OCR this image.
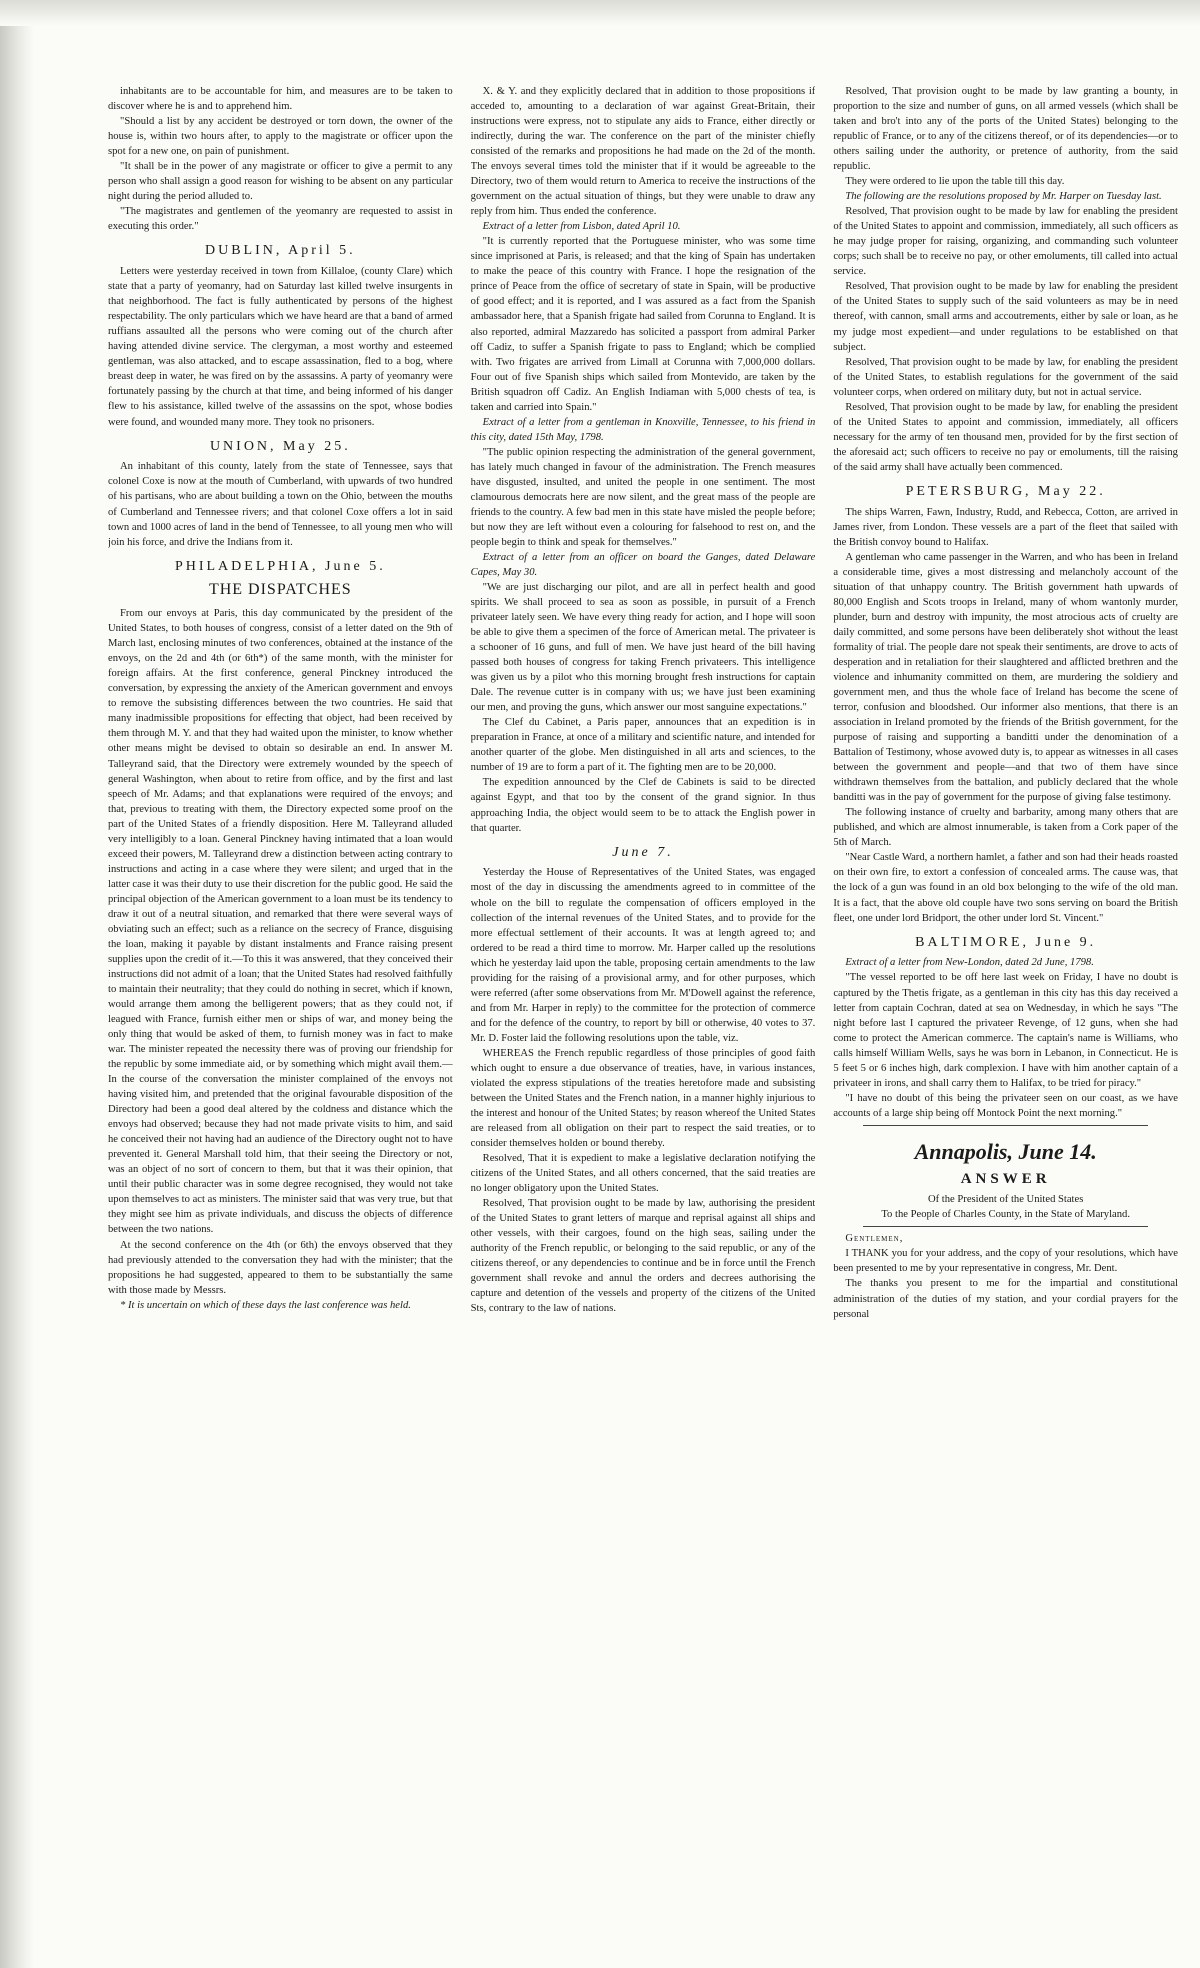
inhabitants are to be accountable for him, and measures are to be taken to discover where he is and to apprehend him.

"Should a list by any accident be destroyed or torn down, the owner of the house is, within two hours after, to apply to the magistrate or officer upon the spot for a new one, on pain of punishment.

"It shall be in the power of any magistrate or officer to give a permit to any person who shall assign a good reason for wishing to be absent on any particular night during the period alluded to.

"The magistrates and gentlemen of the yeomanry are requested to assist in executing this order."

DUBLIN, April 5.

Letters were yesterday received in town from Killaloe, (county Clare) which state that a party of yeomanry, had on Saturday last killed twelve insurgents in that neighborhood. The fact is fully authenticated by persons of the highest respectability. The only particulars which we have heard are that a band of armed ruffians assaulted all the persons who were coming out of the church after having attended divine service. The clergyman, a most worthy and esteemed gentleman, was also attacked, and to escape assassination, fled to a bog, where breast deep in water, he was fired on by the assassins. A party of yeomanry were fortunately passing by the church at that time, and being informed of his danger flew to his assistance, killed twelve of the assassins on the spot, whose bodies were found, and wounded many more. They took no prisoners.

UNION, May 25.

An inhabitant of this county, lately from the state of Tennessee, says that colonel Coxe is now at the mouth of Cumberland, with upwards of two hundred of his partisans, who are about building a town on the Ohio, between the mouths of Cumberland and Tennessee rivers; and that colonel Coxe offers a lot in said town and 1000 acres of land in the bend of Tennessee, to all young men who will join his force, and drive the Indians from it.

PHILADELPHIA, June 5.
THE DISPATCHES

From our envoys at Paris, this day communicated by the president of the United States, to both houses of congress, consist of a letter dated on the 9th of March last, enclosing minutes of two conferences, obtained at the instance of the envoys, on the 2d and 4th (or 6th*) of the same month, with the minister for foreign affairs. At the first conference, general Pinckney introduced the conversation, by expressing the anxiety of the American government and envoys to remove the subsisting differences between the two countries. He said that many inadmissible propositions for effecting that object, had been received by them through M. Y. and that they had waited upon the minister, to know whether other means might be devised to obtain so desirable an end. In answer M. Talleyrand said, that the Directory were extremely wounded by the speech of general Washington, when about to retire from office, and by the first and last speech of Mr. Adams; and that explanations were required of the envoys; and that, previous to treating with them, the Directory expected some proof on the part of the United States of a friendly disposition. Here M. Talleyrand alluded very intelligibly to a loan. General Pinckney having intimated that a loan would exceed their powers, M. Talleyrand drew a distinction between acting contrary to instructions and acting in a case where they were silent; and urged that in the latter case it was their duty to use their discretion for the public good. He said the principal objection of the American government to a loan must be its tendency to draw it out of a neutral situation, and remarked that there were several ways of obviating such an effect; such as a reliance on the secrecy of France, disguising the loan, making it payable by distant instalments and France raising present supplies upon the credit of it.—To this it was answered, that they conceived their instructions did not admit of a loan; that the United States had resolved faithfully to maintain their neutrality; that they could do nothing in secret, which if known, would arrange them among the belligerent powers; that as they could not, if leagued with France, furnish either men or ships of war, and money being the only thing that would be asked of them, to furnish money was in fact to make war. The minister repeated the necessity there was of proving our friendship for the republic by some immediate aid, or by something which might avail them.—In the course of the conversation the minister complained of the envoys not having visited him, and pretended that the original favourable disposition of the Directory had been a good deal altered by the coldness and distance which the envoys had observed; because they had not made private visits to him, and said he conceived their not having had an audience of the Directory ought not to have prevented it. General Marshall told him, that their seeing the Directory or not, was an object of no sort of concern to them, but that it was their opinion, that until their public character was in some degree recognised, they would not take upon themselves to act as ministers. The minister said that was very true, but that they might see him as private individuals, and discuss the objects of difference between the two nations.

At the second conference on the 4th (or 6th) the envoys observed that they had previously attended to the conversation they had with the minister; that the propositions he had suggested, appeared to them to be substantially the same with those made by Messrs.

* It is uncertain on which of these days the last conference was held.

X. & Y. and they explicitly declared that in addition to those propositions if acceded to, amounting to a declaration of war against Great-Britain, their instructions were express, not to stipulate any aids to France, either directly or indirectly, during the war. The conference on the part of the minister chiefly consisted of the remarks and propositions he had made on the 2d of the month. The envoys several times told the minister that if it would be agreeable to the Directory, two of them would return to America to receive the instructions of the government on the actual situation of things, but they were unable to draw any reply from him. Thus ended the conference.

Extract of a letter from Lisbon, dated April 10.

"It is currently reported that the Portuguese minister, who was some time since imprisoned at Paris, is released; and that the king of Spain has undertaken to make the peace of this country with France. I hope the resignation of the prince of Peace from the office of secretary of state in Spain, will be productive of good effect; and it is reported, and I was assured as a fact from the Spanish ambassador here, that a Spanish frigate had sailed from Corunna to England. It is also reported, admiral Mazzaredo has solicited a passport from admiral Parker off Cadiz, to suffer a Spanish frigate to pass to England; which be complied with. Two frigates are arrived from Limall at Corunna with 7,000,000 dollars. Four out of five Spanish ships which sailed from Montevido, are taken by the British squadron off Cadiz. An English Indiaman with 5,000 chests of tea, is taken and carried into Spain."

Extract of a letter from a gentleman in Knoxville, Tennessee, to his friend in this city, dated 15th May, 1798.

"The public opinion respecting the administration of the general government, has lately much changed in favour of the administration. The French measures have disgusted, insulted, and united the people in one sentiment. The most clamourous democrats here are now silent, and the great mass of the people are friends to the country. A few bad men in this state have misled the people before; but now they are left without even a colouring for falsehood to rest on, and the people begin to think and speak for themselves."

Extract of a letter from an officer on board the Ganges, dated Delaware Capes, May 30.

"We are just discharging our pilot, and are all in perfect health and good spirits. We shall proceed to sea as soon as possible, in pursuit of a French privateer lately seen. We have every thing ready for action, and I hope will soon be able to give them a specimen of the force of American metal. The privateer is a schooner of 16 guns, and full of men. We have just heard of the bill having passed both houses of congress for taking French privateers. This intelligence was given us by a pilot who this morning brought fresh instructions for captain Dale. The revenue cutter is in company with us; we have just been examining our men, and proving the guns, which answer our most sanguine expectations."

The Clef du Cabinet, a Paris paper, announces that an expedition is in preparation in France, at once of a military and scientific nature, and intended for another quarter of the globe. Men distinguished in all arts and sciences, to the number of 19 are to form a part of it. The fighting men are to be 20,000.

The expedition announced by the Clef de Cabinets is said to be directed against Egypt, and that too by the consent of the grand signior. In thus approaching India, the object would seem to be to attack the English power in that quarter.

June 7.

Yesterday the House of Representatives of the United States, was engaged most of the day in discussing the amendments agreed to in committee of the whole on the bill to regulate the compensation of officers employed in the collection of the internal revenues of the United States, and to provide for the more effectual settlement of their accounts. It was at length agreed to; and ordered to be read a third time to morrow. Mr. Harper called up the resolutions which he yesterday laid upon the table, proposing certain amendments to the law providing for the raising of a provisional army, and for other purposes, which were referred (after some observations from Mr. M'Dowell against the reference, and from Mr. Harper in reply) to the committee for the protection of commerce and for the defence of the country, to report by bill or otherwise, 40 votes to 37. Mr. D. Foster laid the following resolutions upon the table, viz.

WHEREAS the French republic regardless of those principles of good faith which ought to ensure a due observance of treaties, have, in various instances, violated the express stipulations of the treaties heretofore made and subsisting between the United States and the French nation, in a manner highly injurious to the interest and honour of the United States; by reason whereof the United States are released from all obligation on their part to respect the said treaties, or to consider themselves holden or bound thereby.

Resolved, That it is expedient to make a legislative declaration notifying the citizens of the United States, and all others concerned, that the said treaties are no longer obligatory upon the United States.

Resolved, That provision ought to be made by law, authorising the president of the United States to grant letters of marque and reprisal against all ships and other vessels, with their cargoes, found on the high seas, sailing under the authority of the French republic, or belonging to the said republic, or any of the citizens thereof, or any dependencies to continue and be in force until the French government shall revoke and annul the orders and decrees authorising the capture and detention of the vessels and property of the citizens of the United Sts, contrary to the law of nations.

Resolved, That provision ought to be made by law granting a bounty, in proportion to the size and number of guns, on all armed vessels (which shall be taken and bro't into any of the ports of the United States) belonging to the republic of France, or to any of the citizens thereof, or of its dependencies—or to others sailing under the authority, or pretence of authority, from the said republic.

They were ordered to lie upon the table till this day.

The following are the resolutions proposed by Mr. Harper on Tuesday last.

Resolved, That provision ought to be made by law for enabling the president of the United States to appoint and commission, immediately, all such officers as he may judge proper for raising, organizing, and commanding such volunteer corps; such shall be to receive no pay, or other emoluments, till called into actual service.

Resolved, That provision ought to be made by law for enabling the president of the United States to supply such of the said volunteers as may be in need thereof, with cannon, small arms and accoutrements, either by sale or loan, as he my judge most expedient—and under regulations to be established on that subject.

Resolved, That provision ought to be made by law, for enabling the president of the United States, to establish regulations for the government of the said volunteer corps, when ordered on military duty, but not in actual service.

Resolved, That provision ought to be made by law, for enabling the president of the United States to appoint and commission, immediately, all officers necessary for the army of ten thousand men, provided for by the first section of the aforesaid act; such officers to receive no pay or emoluments, till the raising of the said army shall have actually been commenced.

PETERSBURG, May 22.

The ships Warren, Fawn, Industry, Rudd, and Rebecca, Cotton, are arrived in James river, from London. These vessels are a part of the fleet that sailed with the British convoy bound to Halifax.

A gentleman who came passenger in the Warren, and who has been in Ireland a considerable time, gives a most distressing and melancholy account of the situation of that unhappy country. The British government hath upwards of 80,000 English and Scots troops in Ireland, many of whom wantonly murder, plunder, burn and destroy with impunity, the most atrocious acts of cruelty are daily committed, and some persons have been deliberately shot without the least formality of trial. The people dare not speak their sentiments, are drove to acts of desperation and in retaliation for their slaughtered and afflicted brethren and the violence and inhumanity committed on them, are murdering the soldiery and government men, and thus the whole face of Ireland has become the scene of terror, confusion and bloodshed. Our informer also mentions, that there is an association in Ireland promoted by the friends of the British government, for the purpose of raising and supporting a banditti under the denomination of a Battalion of Testimony, whose avowed duty is, to appear as witnesses in all cases between the government and people—and that two of them have since withdrawn themselves from the battalion, and publicly declared that the whole banditti was in the pay of government for the purpose of giving false testimony.

The following instance of cruelty and barbarity, among many others that are published, and which are almost innumerable, is taken from a Cork paper of the 5th of March.

"Near Castle Ward, a northern hamlet, a father and son had their heads roasted on their own fire, to extort a confession of concealed arms. The cause was, that the lock of a gun was found in an old box belonging to the wife of the old man. It is a fact, that the above old couple have two sons serving on board the British fleet, one under lord Bridport, the other under lord St. Vincent."

BALTIMORE, June 9.

Extract of a letter from New-London, dated 2d June, 1798.

"The vessel reported to be off here last week on Friday, I have no doubt is captured by the Thetis frigate, as a gentleman in this city has this day received a letter from captain Cochran, dated at sea on Wednesday, in which he says "The night before last I captured the privateer Revenge, of 12 guns, when she had come to protect the American commerce. The captain's name is Williams, who calls himself William Wells, says he was born in Lebanon, in Connecticut. He is 5 feet 5 or 6 inches high, dark complexion. I have with him another captain of a privateer in irons, and shall carry them to Halifax, to be tried for piracy."

"I have no doubt of this being the privateer seen on our coast, as we have accounts of a large ship being off Montock Point the next morning."

Annapolis, June 14.
ANSWER
Of the President of the United States
To the People of Charles County, in the State of Maryland.

Gentlemen,

I THANK you for your address, and the copy of your resolutions, which have been presented to me by your representative in congress, Mr. Dent.

The thanks you present to me for the impartial and constitutional administration of the duties of my station, and your cordial prayers for the personal
